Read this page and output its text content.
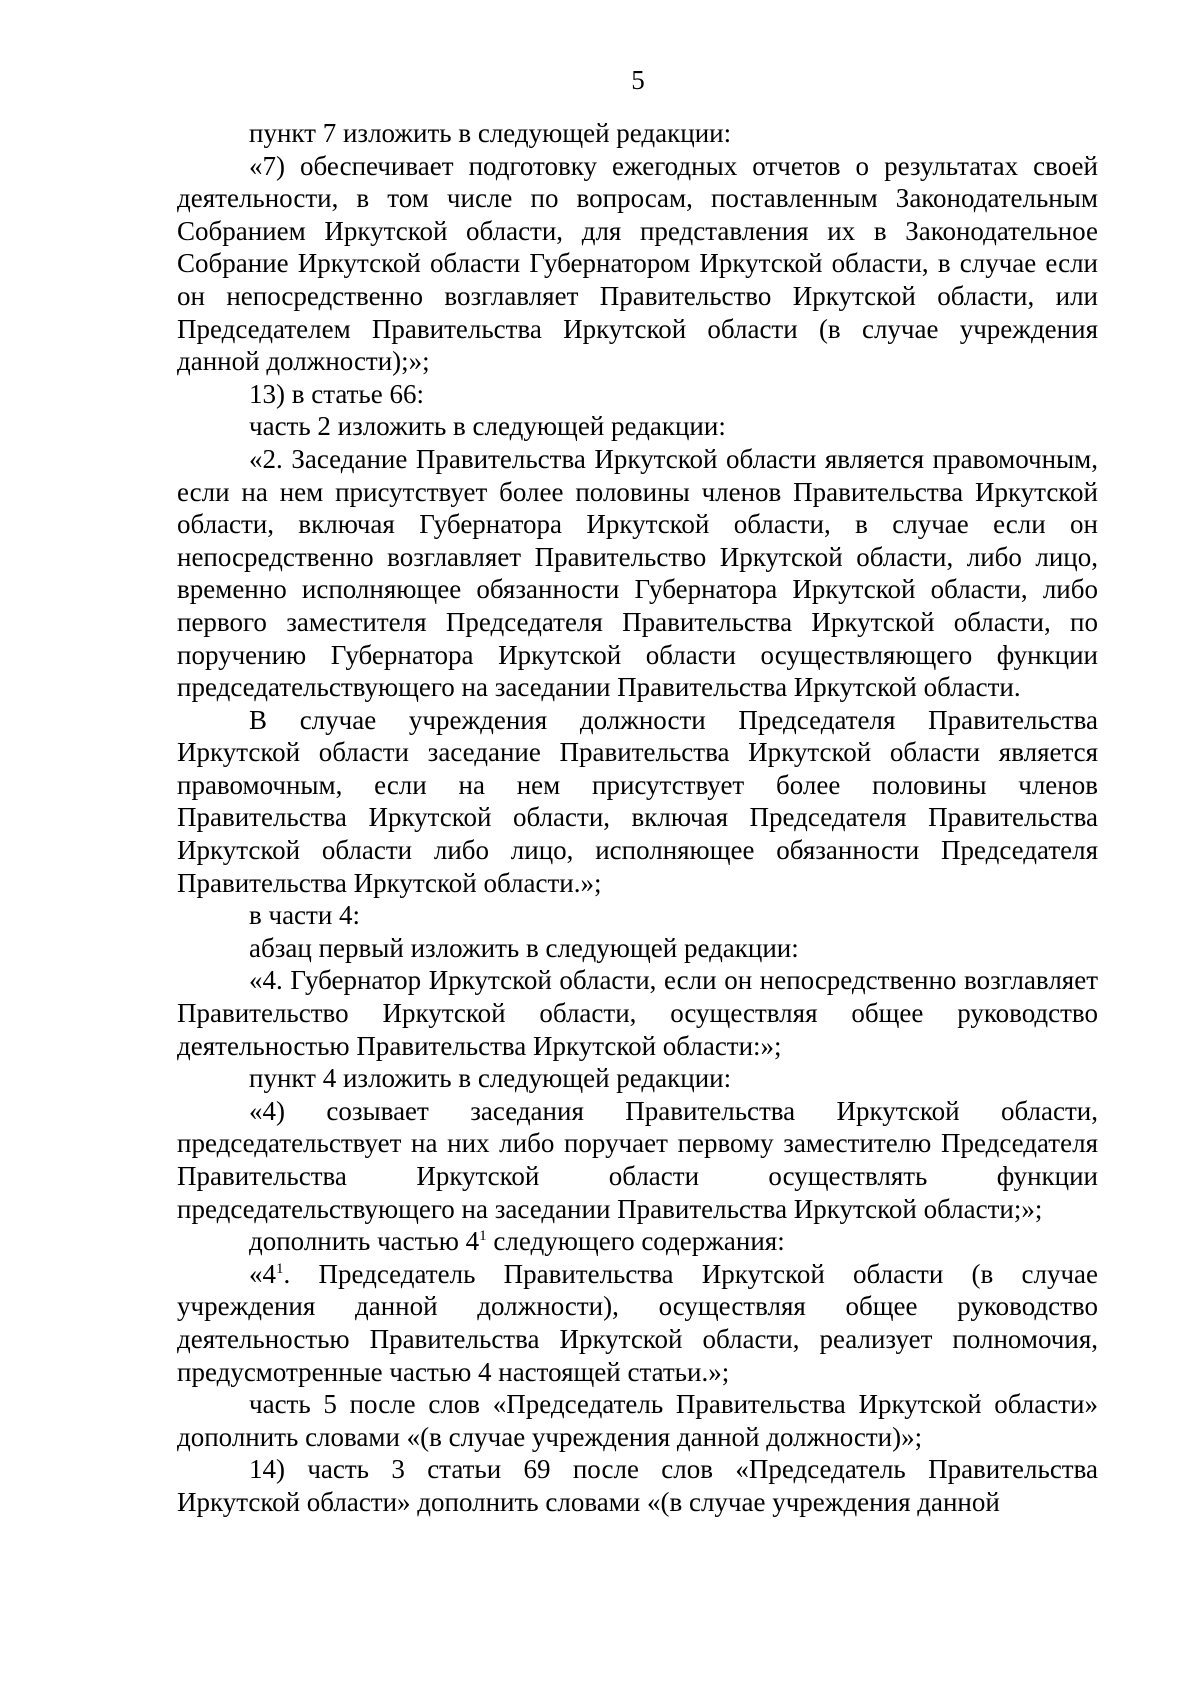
5

пункт 7 изложить в следующей редакции:

«7) обеспечивает подготовку ежегодных отчетов о результатах своей деятельности, в том числе по вопросам, поставленным Законодательным Собранием Иркутской области, для представления их в Законодательное Собрание Иркутской области Губернатором Иркутской области, в случае если он непосредственно возглавляет Правительство Иркутской области, или Председателем Правительства Иркутской области (в случае учреждения данной должности);»;

13) в статье 66:

часть 2 изложить в следующей редакции:

«2. Заседание Правительства Иркутской области является правомочным, если на нем присутствует более половины членов Правительства Иркутской области, включая Губернатора Иркутской области, в случае если он непосредственно возглавляет Правительство Иркутской области, либо лицо, временно исполняющее обязанности Губернатора Иркутской области, либо первого заместителя Председателя Правительства Иркутской области, по поручению Губернатора Иркутской области осуществляющего функции председательствующего на заседании Правительства Иркутской области.

В случае учреждения должности Председателя Правительства Иркутской области заседание Правительства Иркутской области является правомочным, если на нем присутствует более половины членов Правительства Иркутской области, включая Председателя Правительства Иркутской области либо лицо, исполняющее обязанности Председателя Правительства Иркутской области.»;

в части 4:

абзац первый изложить в следующей редакции:

«4. Губернатор Иркутской области, если он непосредственно возглавляет Правительство Иркутской области, осуществляя общее руководство деятельностью Правительства Иркутской области:»;

пункт 4 изложить в следующей редакции:

«4) созывает заседания Правительства Иркутской области, председательствует на них либо поручает первому заместителю Председателя Правительства Иркутской области осуществлять функции председательствующего на заседании Правительства Иркутской области;»;

дополнить частью $4^1$ следующего содержания:

«$4^1$. Председатель Правительства Иркутской области (в случае учреждения данной должности), осуществляя общее руководство деятельностью Правительства Иркутской области, реализует полномочия, предусмотренные частью 4 настоящей статьи.»;

часть 5 после слов «Председатель Правительства Иркутской области» дополнить словами «(в случае учреждения данной должности)»;

14) часть 3 статьи 69 после слов «Председатель Правительства Иркутской области» дополнить словами «(в случае учреждения данной
